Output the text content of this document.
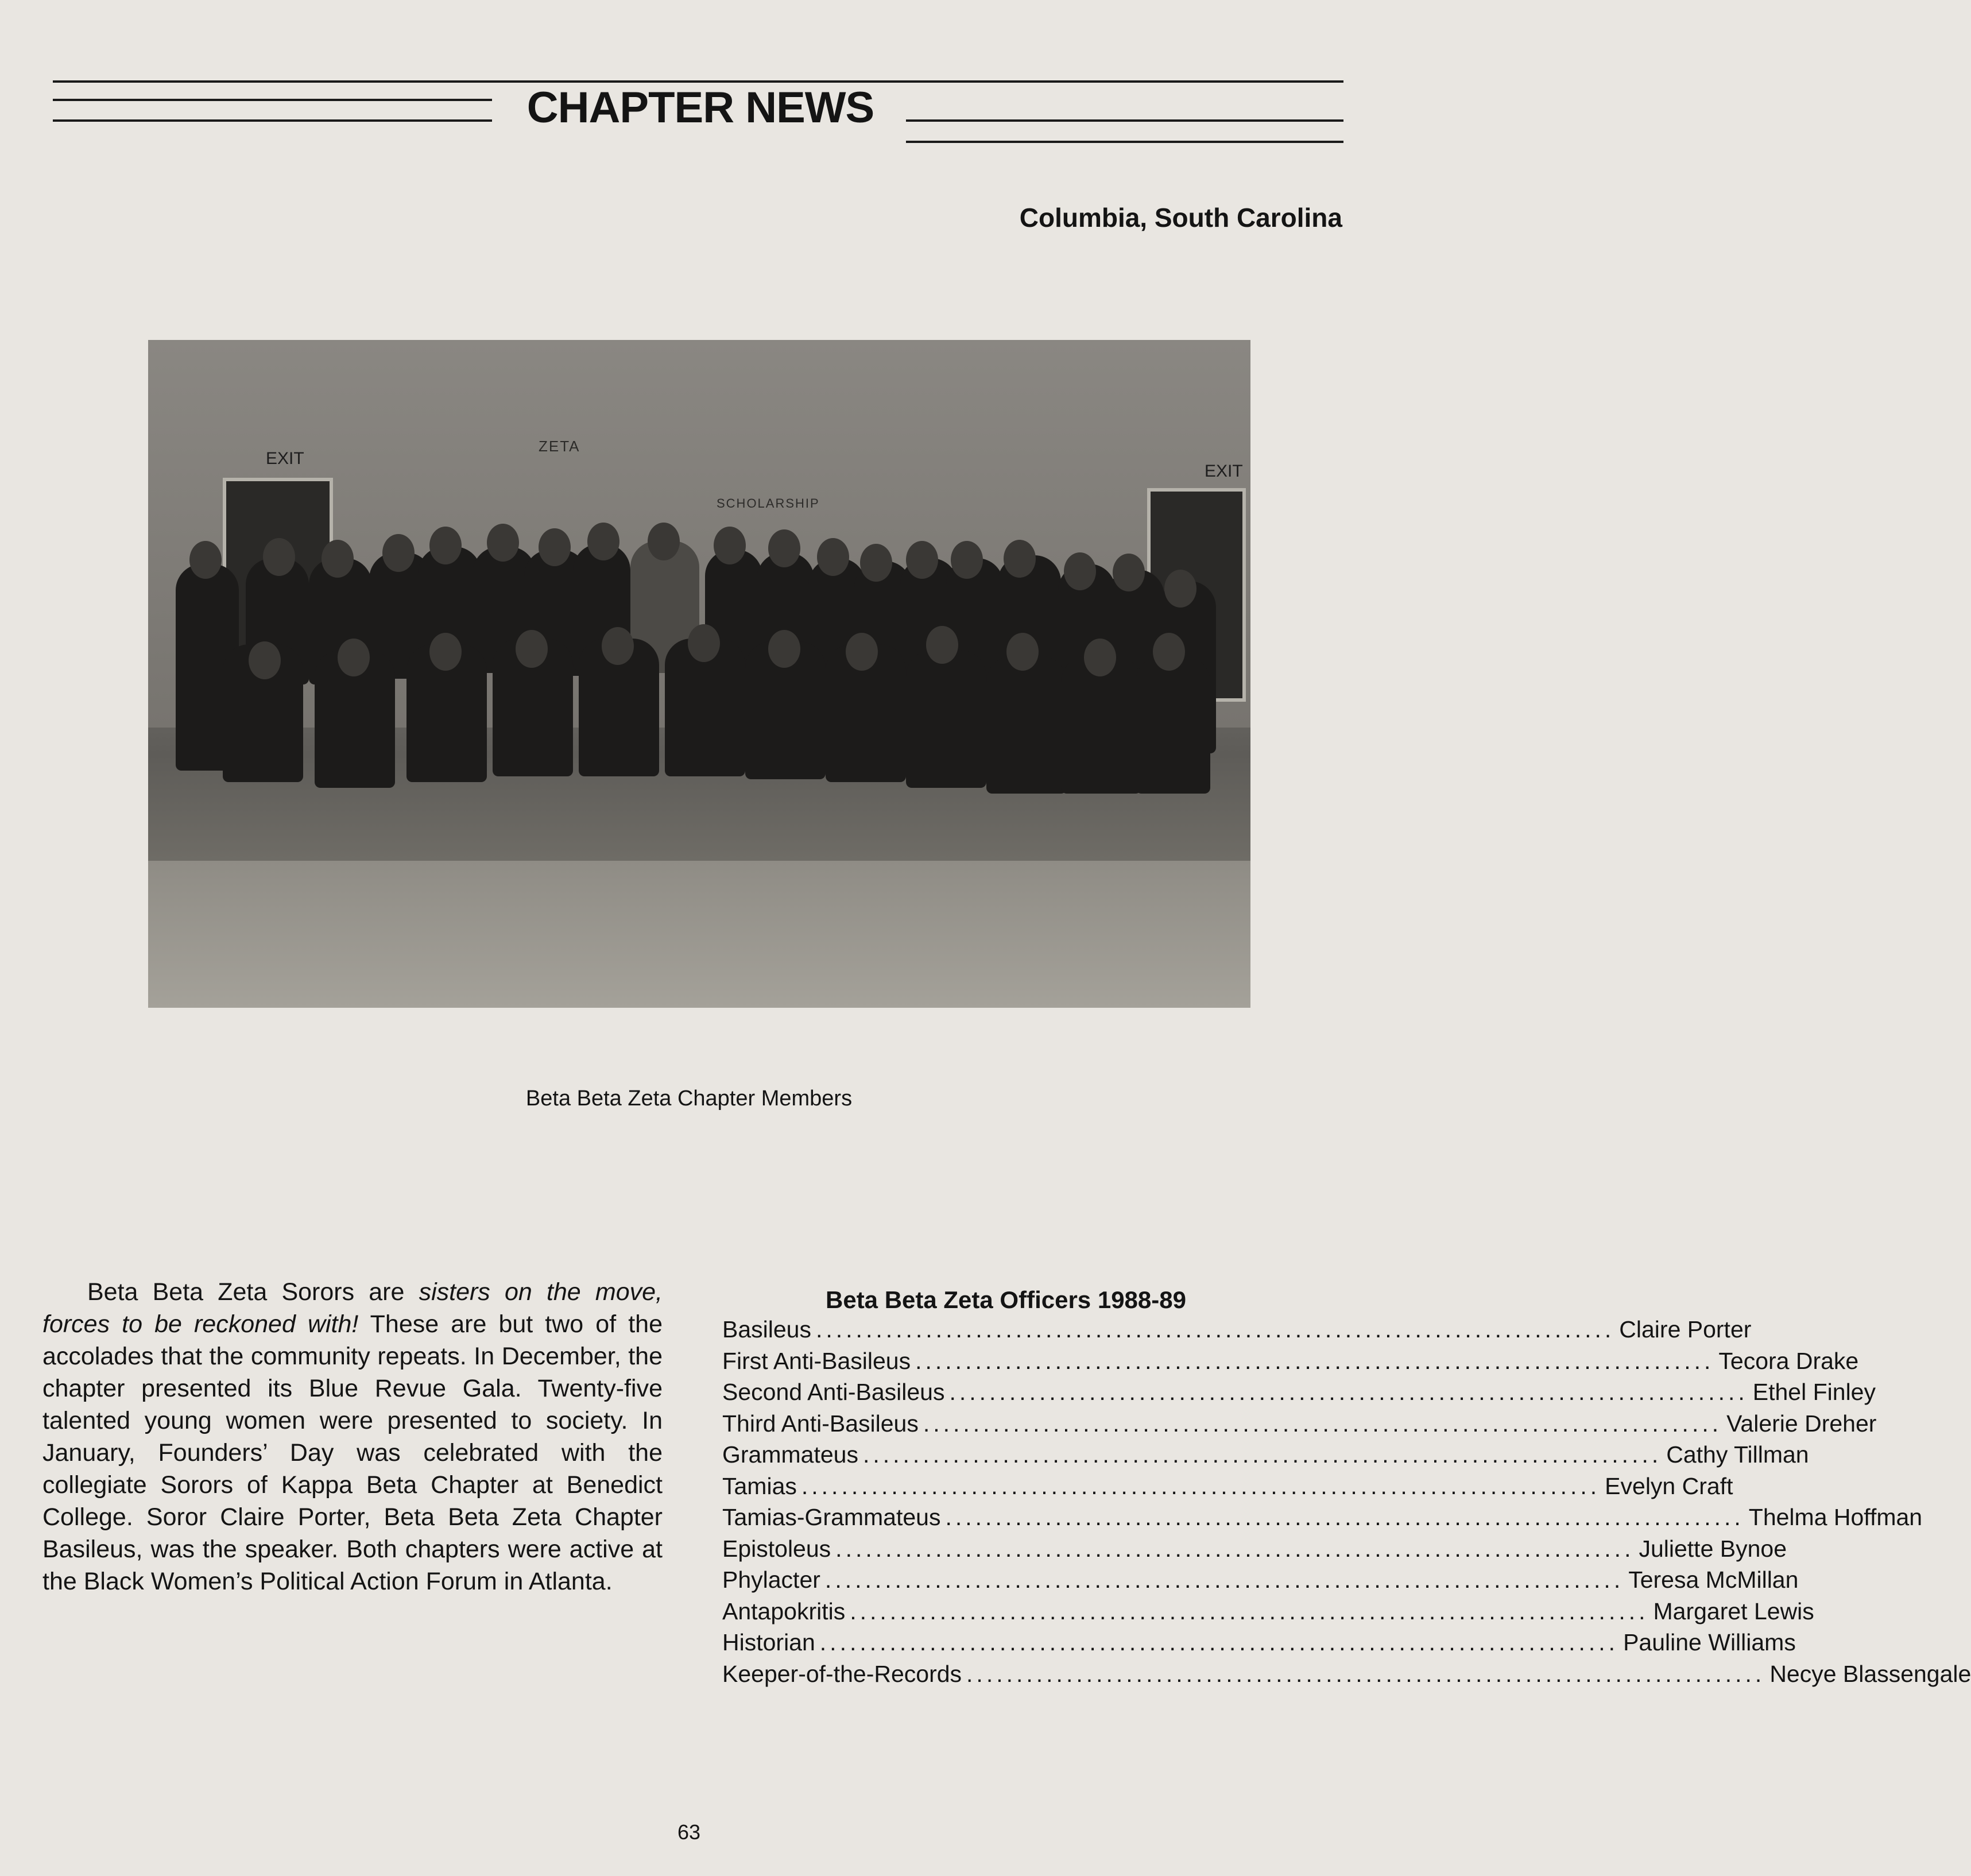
CHAPTER NEWS
Columbia, South Carolina
EXIT
EXIT
ZETA
SCHOLARSHIP
Beta Beta Zeta Chapter Members

Beta Beta Zeta Sorors are sisters on the move, forces to be reckoned with! These are but two of the accolades that the community repeats. In December, the chapter presented its Blue Revue Gala. Twenty-five talented young women were presented to society. In January, Founders’ Day was celebrated with the collegiate Sorors of Kappa Beta Chapter at Benedict College. Soror Claire Porter, Beta Beta Zeta Chapter Basileus, was the speaker. Both chapters were active at the Black Women’s Political Action Forum in Atlanta.

Beta Beta Zeta Officers 1988-89
Basileus ................................................................................ Claire Porter
First Anti-Basileus ................................................................................ Tecora Drake
Second Anti-Basileus ................................................................................ Ethel Finley
Third Anti-Basileus ................................................................................ Valerie Dreher
Grammateus ................................................................................ Cathy Tillman
Tamias ................................................................................ Evelyn Craft
Tamias-Grammateus ................................................................................ Thelma Hoffman
Epistoleus ................................................................................ Juliette Bynoe
Phylacter ................................................................................ Teresa McMillan
Antapokritis ................................................................................ Margaret Lewis
Historian ................................................................................ Pauline Williams
Keeper-of-the-Records ................................................................................ Necye Blassengale
63
